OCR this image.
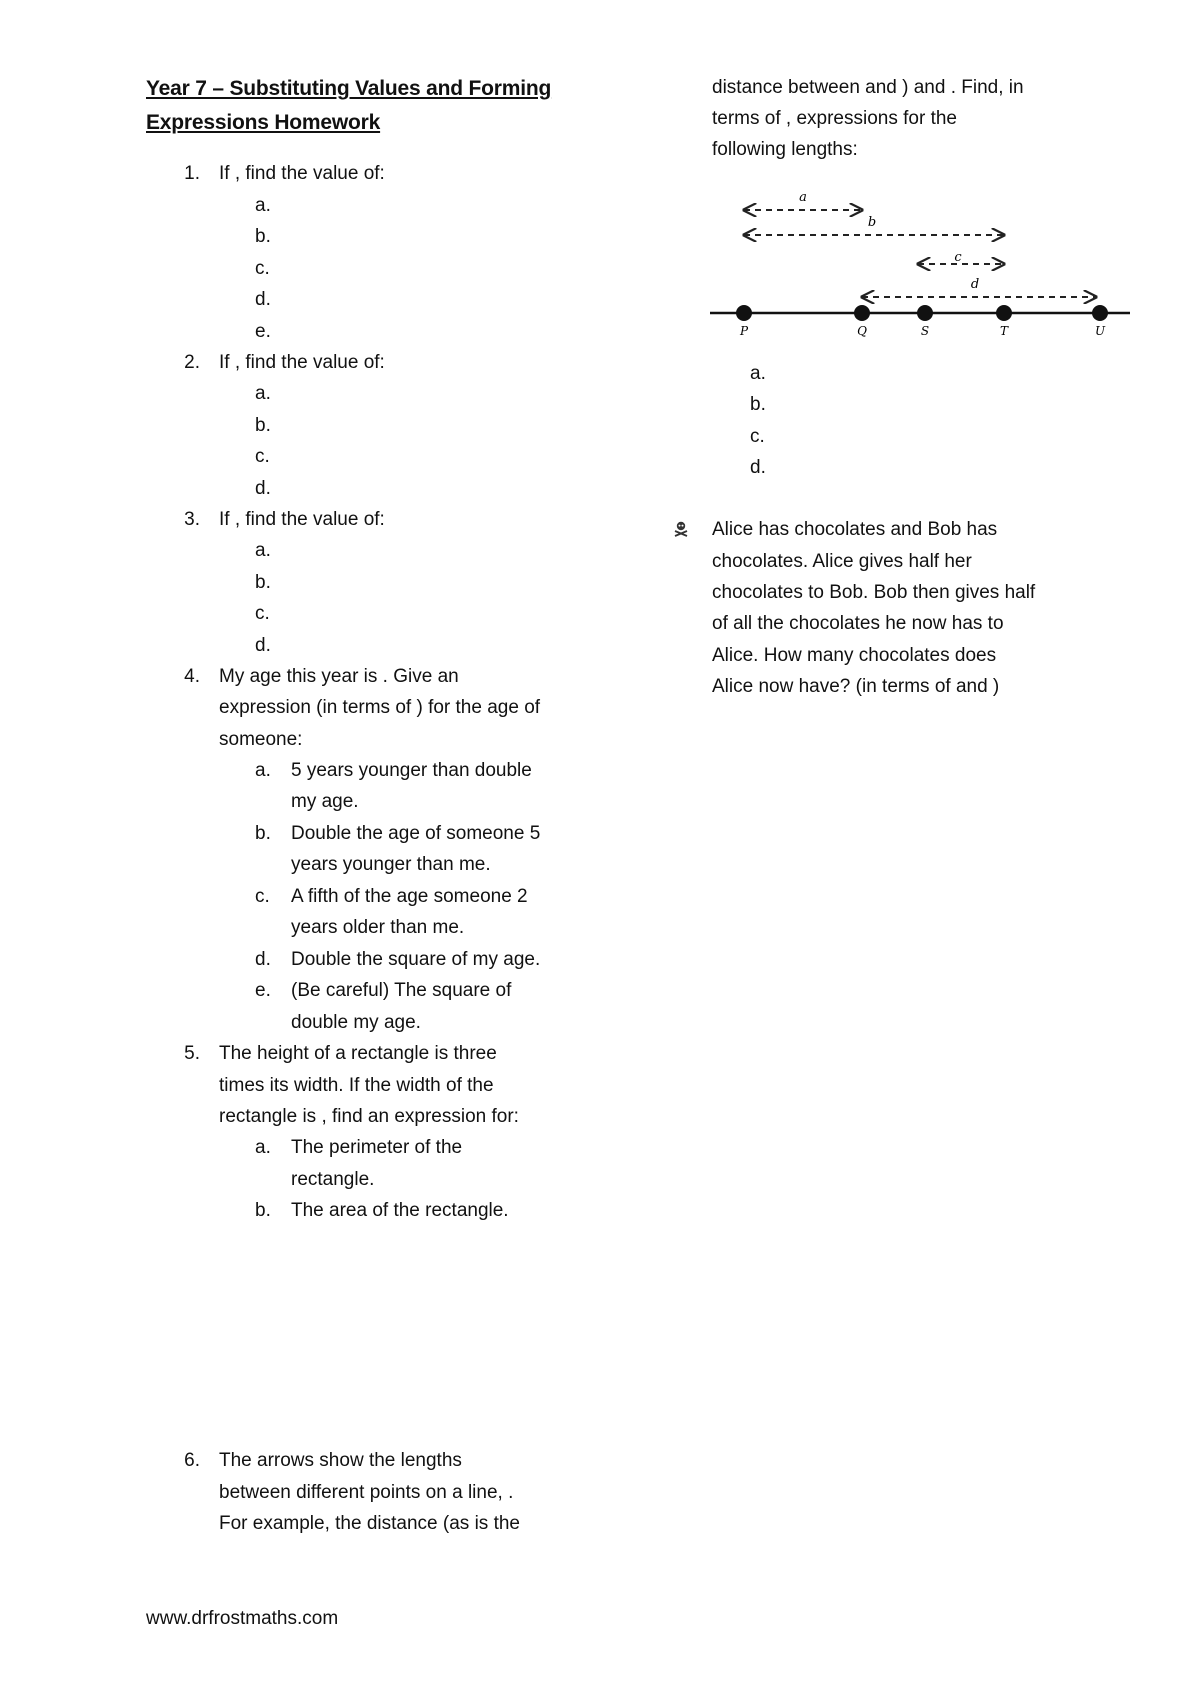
Year 7 – Substituting Values and Forming
Expressions Homework
1. If , find the value of:
a.
b.
c.
d.
e.
2. If , find the value of:
a.
b.
c.
d.
3. If , find the value of:
a.
b.
c.
d.
4. My age this year is . Give an
expression (in terms of ) for the age of
someone:
a. 5 years younger than double
my age.
b. Double the age of someone 5
years younger than me.
c. A fifth of the age someone 2
years older than me.
d. Double the square of my age.
e. (Be careful) The square of
double my age.
5. The height of a rectangle is three
times its width. If the width of the
rectangle is , find an expression for:
a. The perimeter of the
rectangle.
b. The area of the rectangle.
6. The arrows show the lengths
between different points on a line, .
For example, the distance (as is the
distance between and ) and . Find, in
terms of , expressions for the
following lengths:
a.
b.
c.
d.
a
b
c
d
P	Q	S	T	U
Alice has chocolates and Bob has
chocolates. Alice gives half her
chocolates to Bob. Bob then gives half
of all the chocolates he now has to
Alice. How many chocolates does
Alice now have? (in terms of and )
www.drfrostmaths.com
